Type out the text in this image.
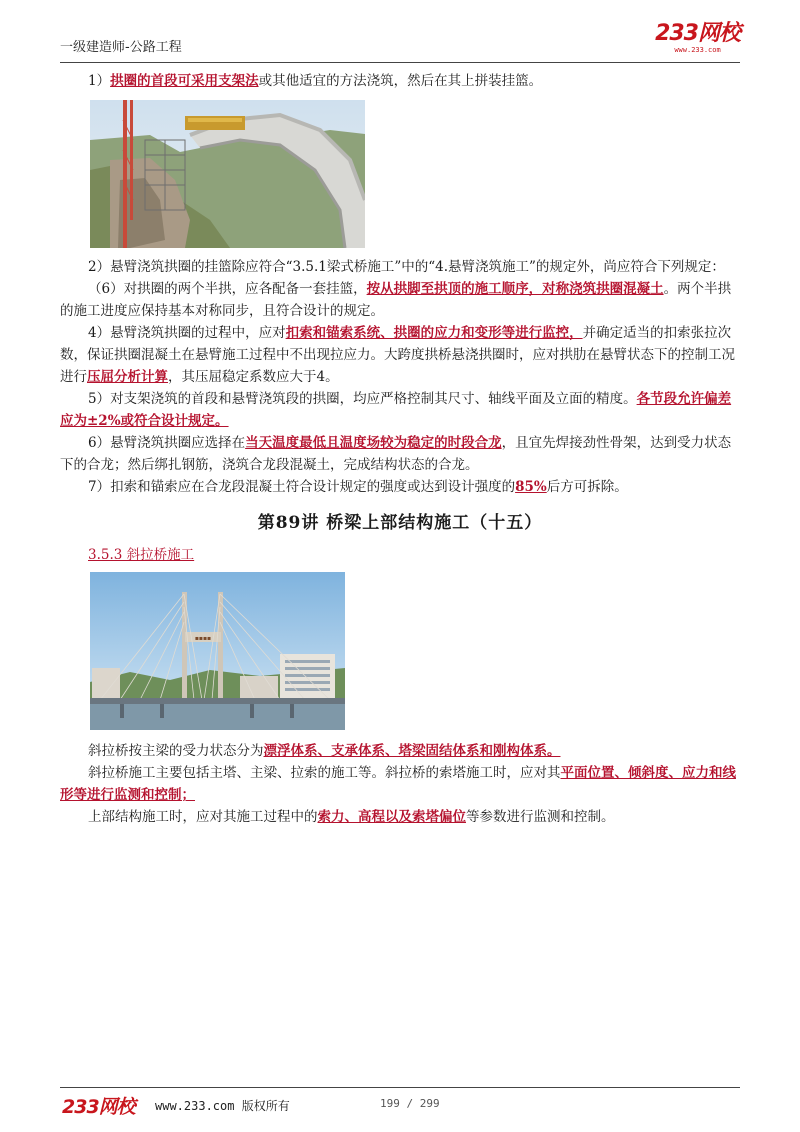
一级建造师-公路工程
233网校
www.233.com

1）拱圈的首段可采用支架法或其他适宜的方法浇筑，然后在其上拼装挂篮。

2）悬臂浇筑拱圈的挂篮除应符合“3.5.1梁式桥施工”中的“4.悬臂浇筑施工”的规定外，尚应符合下列规定：

（6）对拱圈的两个半拱，应各配备一套挂篮，按从拱脚至拱顶的施工顺序，对称浇筑拱圈混凝土。两个半拱的施工进度应保持基本对称同步，且符合设计的规定。

4）悬臂浇筑拱圈的过程中，应对扣索和锚索系统、拱圈的应力和变形等进行监控，并确定适当的扣索张拉次数，保证拱圈混凝土在悬臂施工过程中不出现拉应力。大跨度拱桥悬浇拱圈时，应对拱肋在悬臂状态下的控制工况进行压屈分析计算，其压屈稳定系数应大于4。

5）对支架浇筑的首段和悬臂浇筑段的拱圈，均应严格控制其尺寸、轴线平面及立面的精度。各节段允许偏差应为±2%或符合设计规定。

6）悬臂浇筑拱圈应选择在当天温度最低且温度场较为稳定的时段合龙，且宜先焊接劲性骨架，达到受力状态下的合龙；然后绑扎钢筋，浇筑合龙段混凝土，完成结构状态的合龙。

7）扣索和锚索应在合龙段混凝土符合设计规定的强度或达到设计强度的85%后方可拆除。

第89讲 桥梁上部结构施工（十五）

3.5.3 斜拉桥施工

▪▪▪▪

斜拉桥按主梁的受力状态分为漂浮体系、支承体系、塔梁固结体系和刚构体系。

斜拉桥施工主要包括主塔、主梁、拉索的施工等。斜拉桥的索塔施工时，应对其平面位置、倾斜度、应力和线形等进行监测和控制；

上部结构施工时，应对其施工过程中的索力、高程以及索塔偏位等参数进行监测和控制。

233网校 www.233.com 版权所有	199 / 299
